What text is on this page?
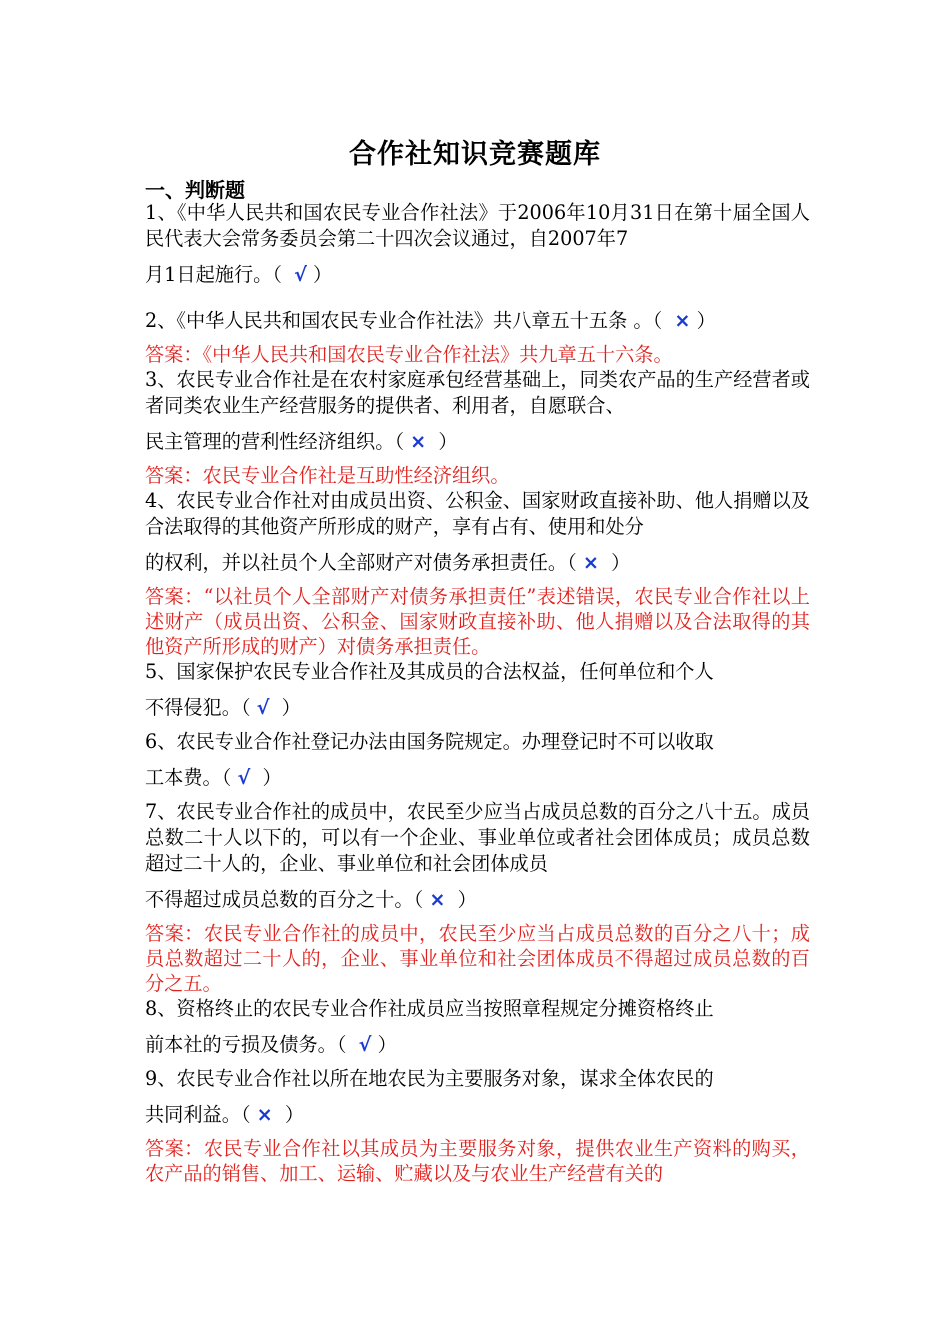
合作社知识竞赛题库
一、判断题
1、《中华人民共和国农民专业合作社法》于2006年10月31日在第十届全国人民代表大会常务委员会第二十四次会议通过，自2007年7
月1日起施行。（ √ ）
2、《中华人民共和国农民专业合作社法》共八章五十五条 。（ × ）
答案：《中华人民共和国农民专业合作社法》共九章五十六条。
3、农民专业合作社是在农村家庭承包经营基础上，同类农产品的生产经营者或者同类农业生产经营服务的提供者、利用者，自愿联合、
民主管理的营利性经济组织。（ × ）
答案：农民专业合作社是互助性经济组织。
4、农民专业合作社对由成员出资、公积金、国家财政直接补助、他人捐赠以及合法取得的其他资产所形成的财产，享有占有、使用和处分
的权利，并以社员个人全部财产对债务承担责任。（ × ）
答案：“以社员个人全部财产对债务承担责任”表述错误，农民专业合作社以上述财产（成员出资、公积金、国家财政直接补助、他人捐赠以及合法取得的其他资产所形成的财产）对债务承担责任。
5、国家保护农民专业合作社及其成员的合法权益，任何单位和个人
不得侵犯。（ √ ）
6、农民专业合作社登记办法由国务院规定。办理登记时不可以收取
工本费。（ √ ）
7、农民专业合作社的成员中，农民至少应当占成员总数的百分之八十五。成员总数二十人以下的，可以有一个企业、事业单位或者社会团体成员；成员总数超过二十人的，企业、事业单位和社会团体成员
不得超过成员总数的百分之十。（ × ）
答案：农民专业合作社的成员中，农民至少应当占成员总数的百分之八十；成员总数超过二十人的，企业、事业单位和社会团体成员不得超过成员总数的百分之五。
8、资格终止的农民专业合作社成员应当按照章程规定分摊资格终止
前本社的亏损及债务。（ √ ）
9、农民专业合作社以所在地农民为主要服务对象，谋求全体农民的
共同利益。（ × ）
答案：农民专业合作社以其成员为主要服务对象，提供农业生产资料的购买，农产品的销售、加工、运输、贮藏以及与农业生产经营有关的
